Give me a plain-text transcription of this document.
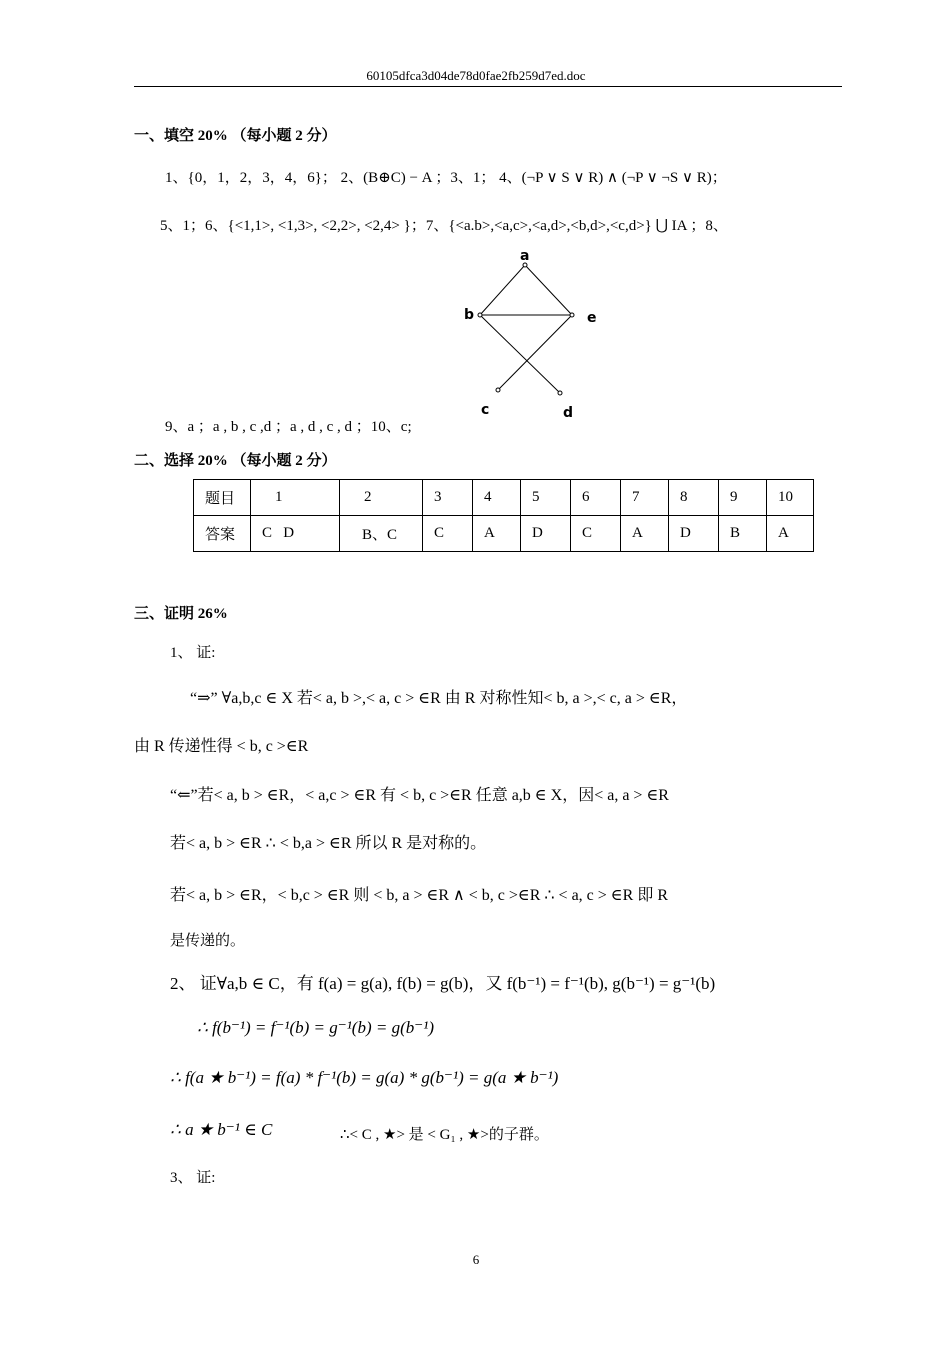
60105dfca3d04de78d0fae2fb259d7ed.doc
一、填空 20% （每小题 2 分）
1、{0，1，2，3，4，6}； 2、(B⊕C) − A ；3、1； 4、(¬P ∨ S ∨ R) ∧ (¬P ∨ ¬S ∨ R)；
5、1；6、{<1,1>, <1,3>, <2,2>, <2,4> }；7、{<a.b>,<a,c>,<a,d>,<b,d>,<c,d>} ⋃ IA ；8、
a
b	e
c	d
9、a ；a , b , c ,d ；a , d , c , d ；10、c;
二、选择 20% （每小题 2 分）
题目	1	2	3	4	5	6	7	8	9	10
答案	C   D	B、C	C	A	D	C	A	D	B	A
三、证明 26%
1、 证:
“⇒” ∀a,b,c ∈ X 若< a, b >,< a, c > ∈R 由 R 对称性知< b, a >,< c, a > ∈R，
由 R 传递性得 < b, c >∈R
“⇐”若< a, b > ∈R，< a,c > ∈R 有 < b, c >∈R 任意 a,b ∈ X，因< a, a > ∈R
若< a, b > ∈R ∴ < b,a > ∈R 所以 R 是对称的。
若< a, b > ∈R，< b,c > ∈R 则 < b, a > ∈R ∧ < b, c >∈R ∴ < a, c > ∈R 即 R
是传递的。
2、 证∀a,b ∈ C，有 f(a) = g(a), f(b) = g(b)，又 f(b⁻¹) = f⁻¹(b), g(b⁻¹) = g⁻¹(b)
∴ f(b⁻¹) = f⁻¹(b) = g⁻¹(b) = g(b⁻¹)
∴ f(a ★ b⁻¹) = f(a) * f⁻¹(b) = g(a) * g(b⁻¹) = g(a ★ b⁻¹)
∴ a ★ b⁻¹ ∈ C	∴< C , ★> 是 < G₁ , ★>的子群。
3、 证:
6
